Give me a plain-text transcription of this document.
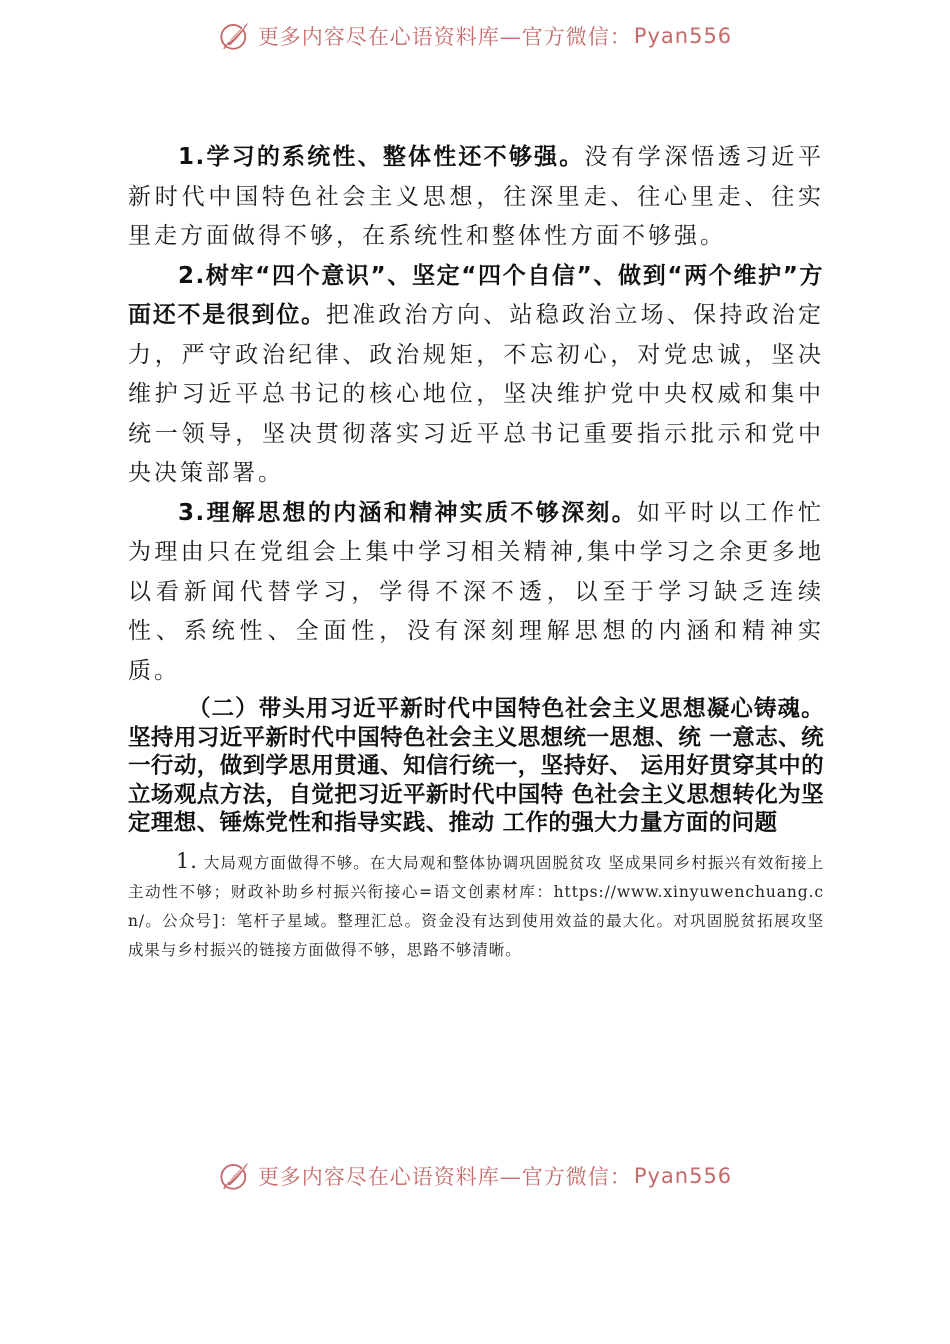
更多内容尽在心语资料库—官方微信： Pyan556

1.学习的系统性、整体性还不够强。没有学深悟透习近平新时代中国特色社会主义思想，往深里走、往心里走、往实里走方面做得不够，在系统性和整体性方面不够强。

2.树牢“四个意识”、坚定“四个自信”、做到“两个维护”方面还不是很到位。把准政治方向、站稳政治立场、保持政治定力，严守政治纪律、政治规矩，不忘初心，对党忠诚，坚决维护习近平总书记的核心地位，坚决维护党中央权威和集中统一领导，坚决贯彻落实习近平总书记重要指示批示和党中央决策部署。

3.理解思想的内涵和精神实质不够深刻。如平时以工作忙为理由只在党组会上集中学习相关精神,集中学习之余更多地以看新闻代替学习，学得不深不透，以至于学习缺乏连续性、系统性、全面性，没有深刻理解思想的内涵和精神实质。

（二）带头用习近平新时代中国特色社会主义思想凝心铸魂。坚持用习近平新时代中国特色社会主义思想统一思想、统 一意志、统一行动，做到学思用贯通、知信行统一，坚持好、 运用好贯穿其中的立场观点方法，自觉把习近平新时代中国特 色社会主义思想转化为坚定理想、锤炼党性和指导实践、推动 工作的强大力量方面的问题

1. 大局观方面做得不够。在大局观和整体协调巩固脱贫攻 坚成果同乡村振兴有效衔接上主动性不够；财政补助乡村振兴衔接心=语文创素材库：https://www.xinyuwenchuang.cn/。公众号]：笔杆子星域。整理汇总。资金没有达到使用效益的最大化。对巩固脱贫拓展攻坚成果与乡村振兴的链接方面做得不够，思路不够清晰。

更多内容尽在心语资料库—官方微信： Pyan556
